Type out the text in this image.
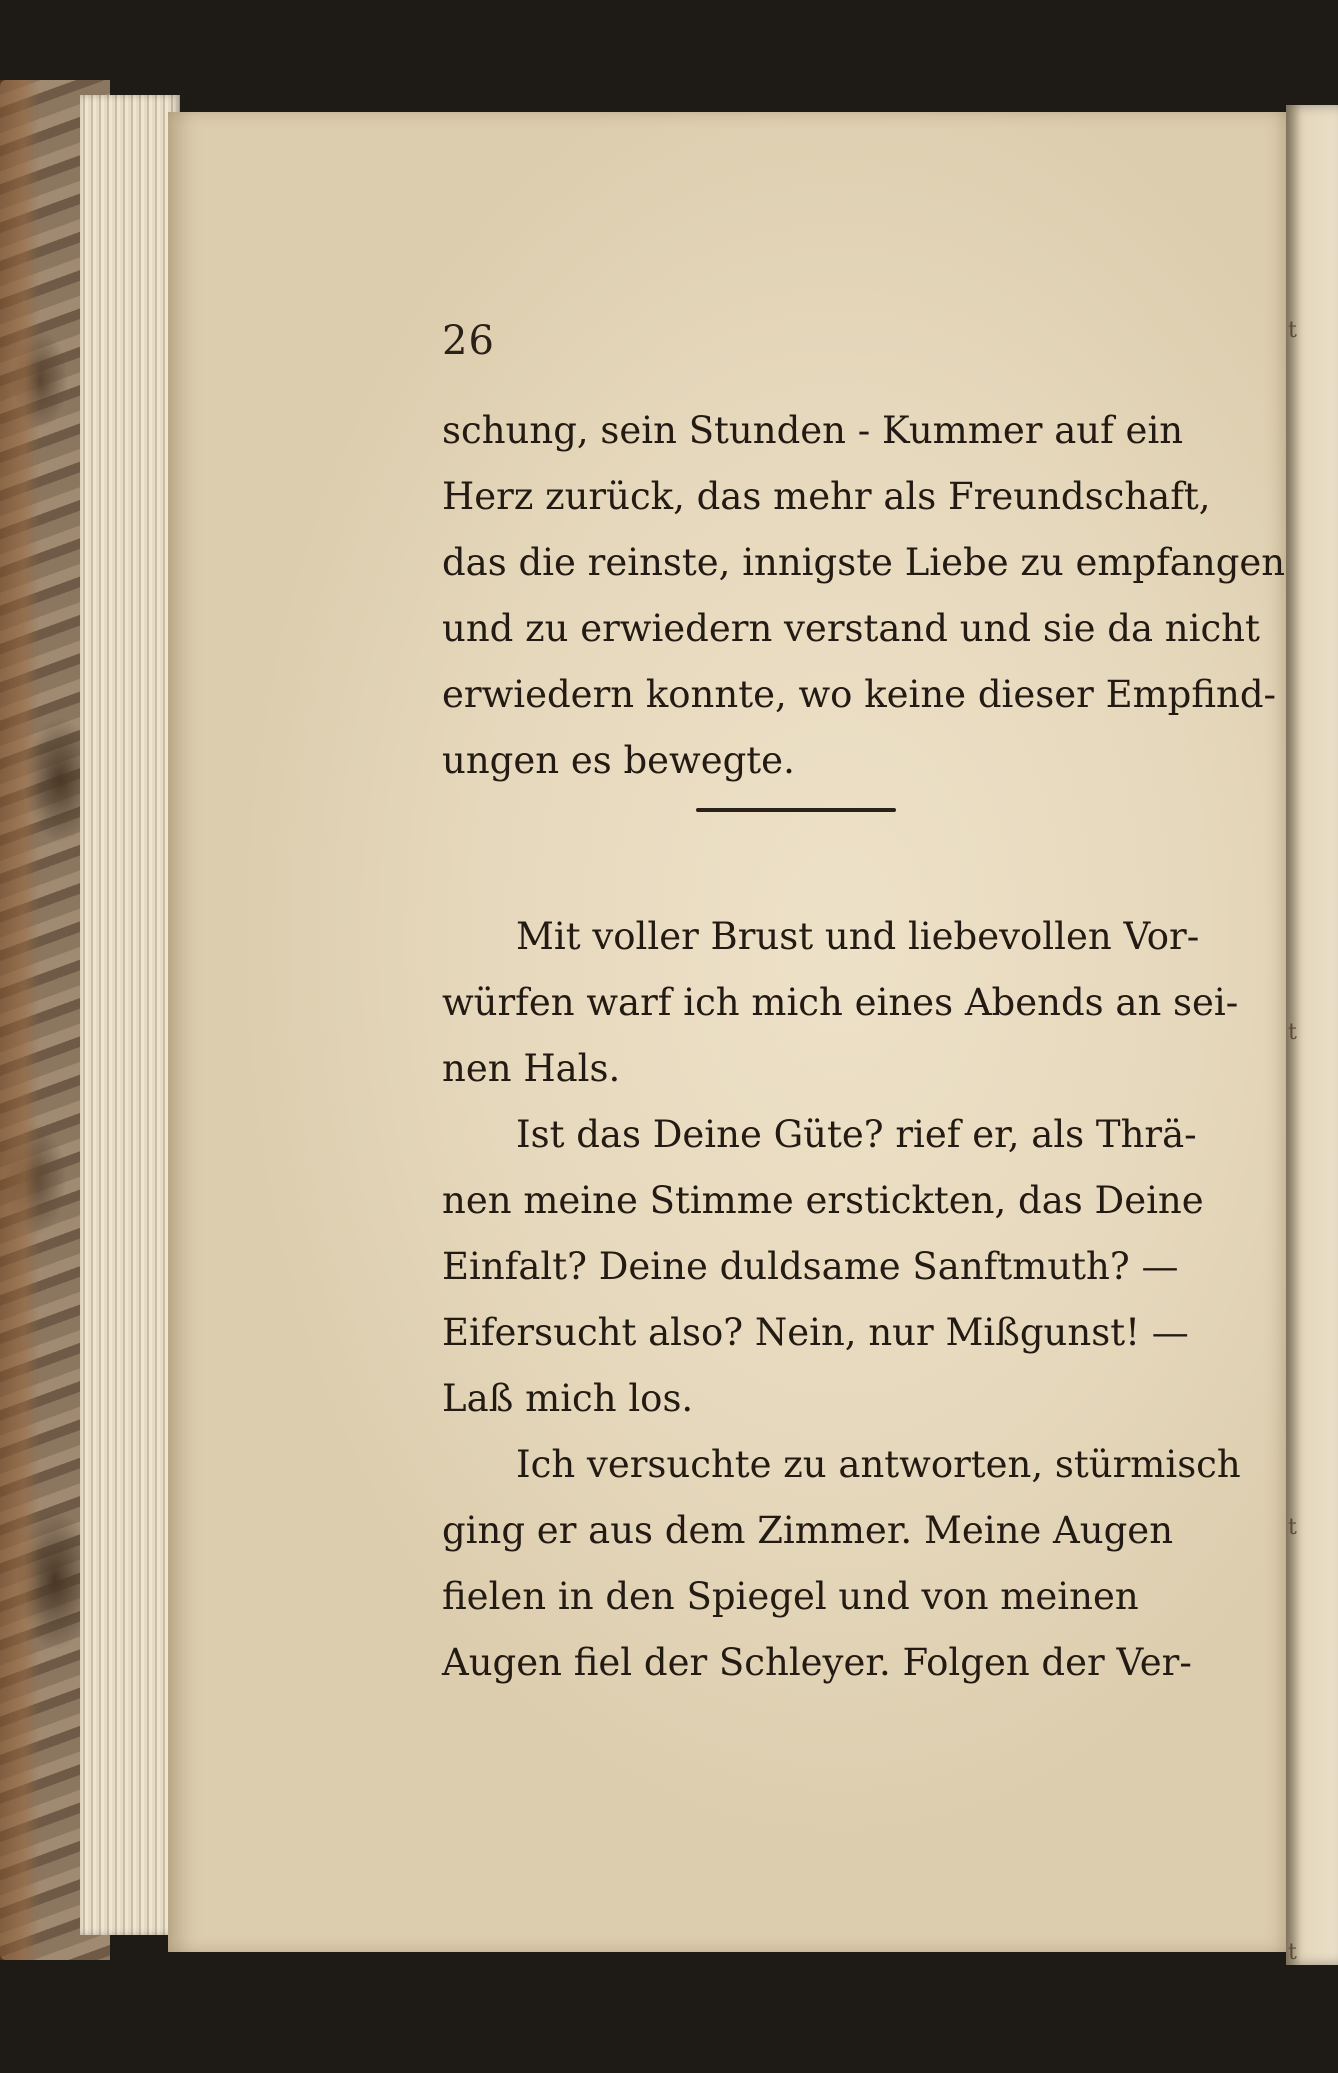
t
t
t
t
26
schung, sein Stunden - Kummer auf ein
Herz zurück, das mehr als Freundschaft,
das die reinste, innigste Liebe zu empfangen
und zu erwiedern verstand und sie da nicht
erwiedern konnte, wo keine dieser Empfind-
ungen es bewegte.
Mit voller Brust und liebevollen Vor-
würfen warf ich mich eines Abends an sei-
nen Hals.
Ist das Deine Güte? rief er, als Thrä-
nen meine Stimme erstickten, das Deine
Einfalt? Deine duldsame Sanftmuth? —
Eifersucht also? Nein, nur Mißgunst! —
Laß mich los.
Ich versuchte zu antworten, stürmisch
ging er aus dem Zimmer. Meine Augen
fielen in den Spiegel und von meinen
Augen fiel der Schleyer. Folgen der Ver-
